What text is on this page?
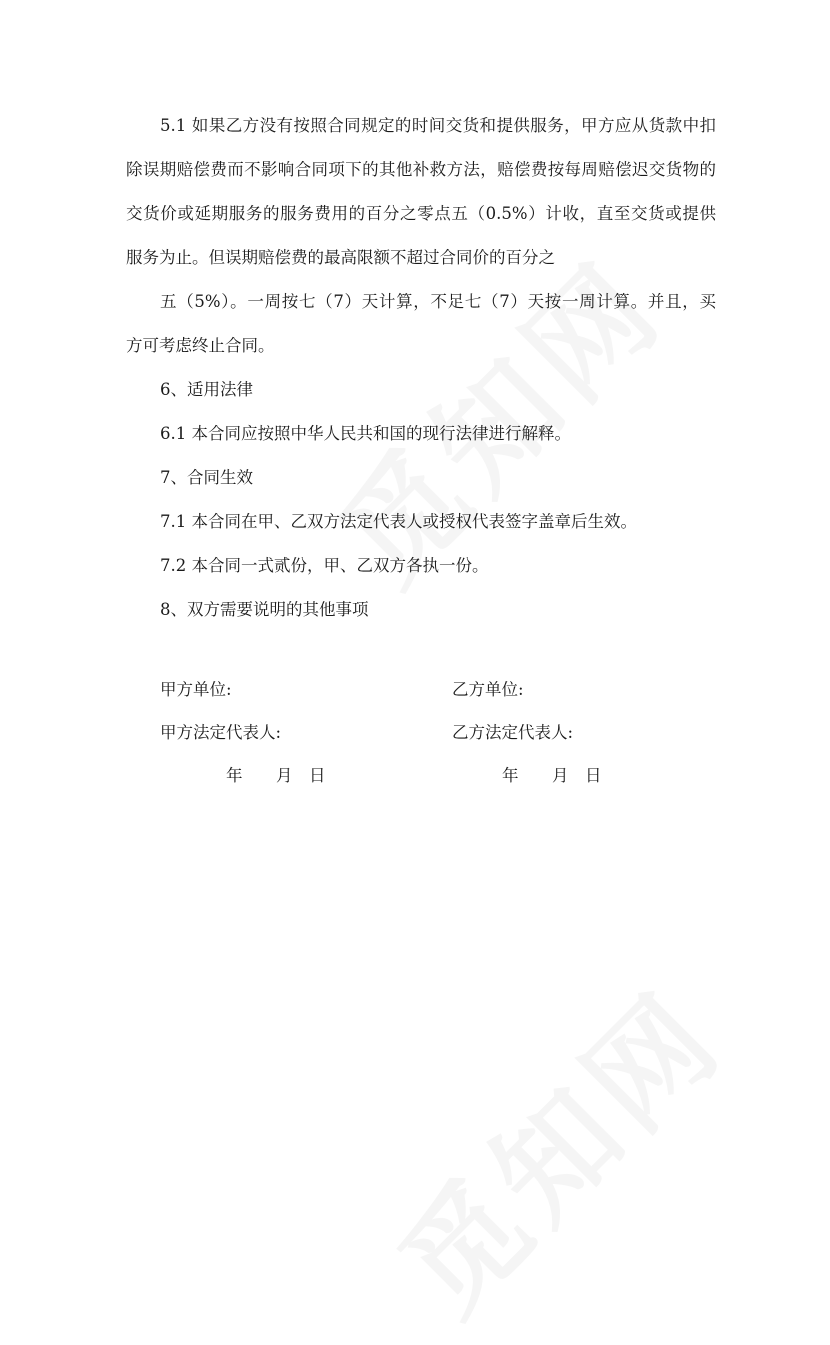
5.1 如果乙方没有按照合同规定的时间交货和提供服务，甲方应从货款中扣

除误期赔偿费而不影响合同项下的其他补救方法，赔偿费按每周赔偿迟交货物的
交货价或延期服务的服务费用的百分之零点五（0.5%）计收，直至交货或提供
服务为止。但误期赔偿费的最高限额不超过合同价的百分之

五（5%）。一周按七（7）天计算，不足七（7）天按一周计算。并且，买

方可考虑终止合同。

6、适用法律

6.1 本合同应按照中华人民共和国的现行法律进行解释。

7、合同生效

7.1 本合同在甲、乙双方法定代表人或授权代表签字盖章后生效。

7.2 本合同一式贰份，甲、乙双方各执一份。

8、双方需要说明的其他事项

甲方单位:	乙方单位:
甲方法定代表人:	乙方法定代表人:
年 月 日	年 月 日
